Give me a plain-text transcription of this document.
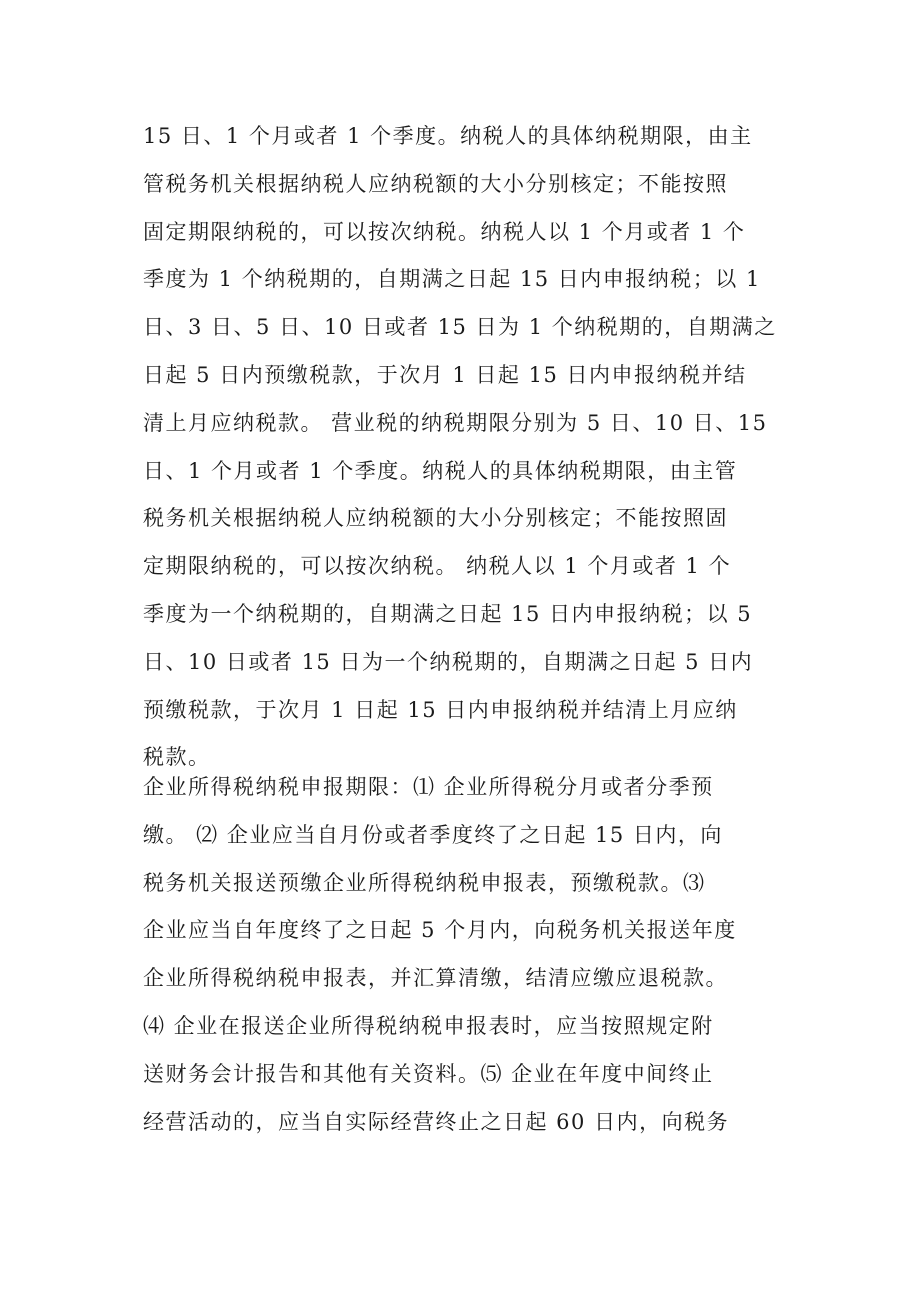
15 日、1 个月或者 1 个季度。纳税人的具体纳税期限，由主
管税务机关根据纳税人应纳税额的大小分别核定；不能按照
固定期限纳税的，可以按次纳税。纳税人以 1 个月或者 1 个
季度为 1 个纳税期的，自期满之日起 15 日内申报纳税；以 1
日、3 日、5 日、10 日或者 15 日为 1 个纳税期的，自期满之
日起 5 日内预缴税款，于次月 1 日起 15 日内申报纳税并结
清上月应纳税款。 营业税的纳税期限分别为 5 日、10 日、15
日、1 个月或者 1 个季度。纳税人的具体纳税期限，由主管
税务机关根据纳税人应纳税额的大小分别核定；不能按照固
定期限纳税的，可以按次纳税。 纳税人以 1 个月或者 1 个
季度为一个纳税期的，自期满之日起 15 日内申报纳税；以 5
日、10 日或者 15 日为一个纳税期的，自期满之日起 5 日内
预缴税款，于次月 1 日起 15 日内申报纳税并结清上月应纳
税款。
企业所得税纳税申报期限：⑴ 企业所得税分月或者分季预
缴。 ⑵ 企业应当自月份或者季度终了之日起 15 日内，向
税务机关报送预缴企业所得税纳税申报表，预缴税款。⑶
企业应当自年度终了之日起 5 个月内，向税务机关报送年度
企业所得税纳税申报表，并汇算清缴，结清应缴应退税款。
⑷ 企业在报送企业所得税纳税申报表时，应当按照规定附
送财务会计报告和其他有关资料。⑸ 企业在年度中间终止
经营活动的，应当自实际经营终止之日起 60 日内，向税务
